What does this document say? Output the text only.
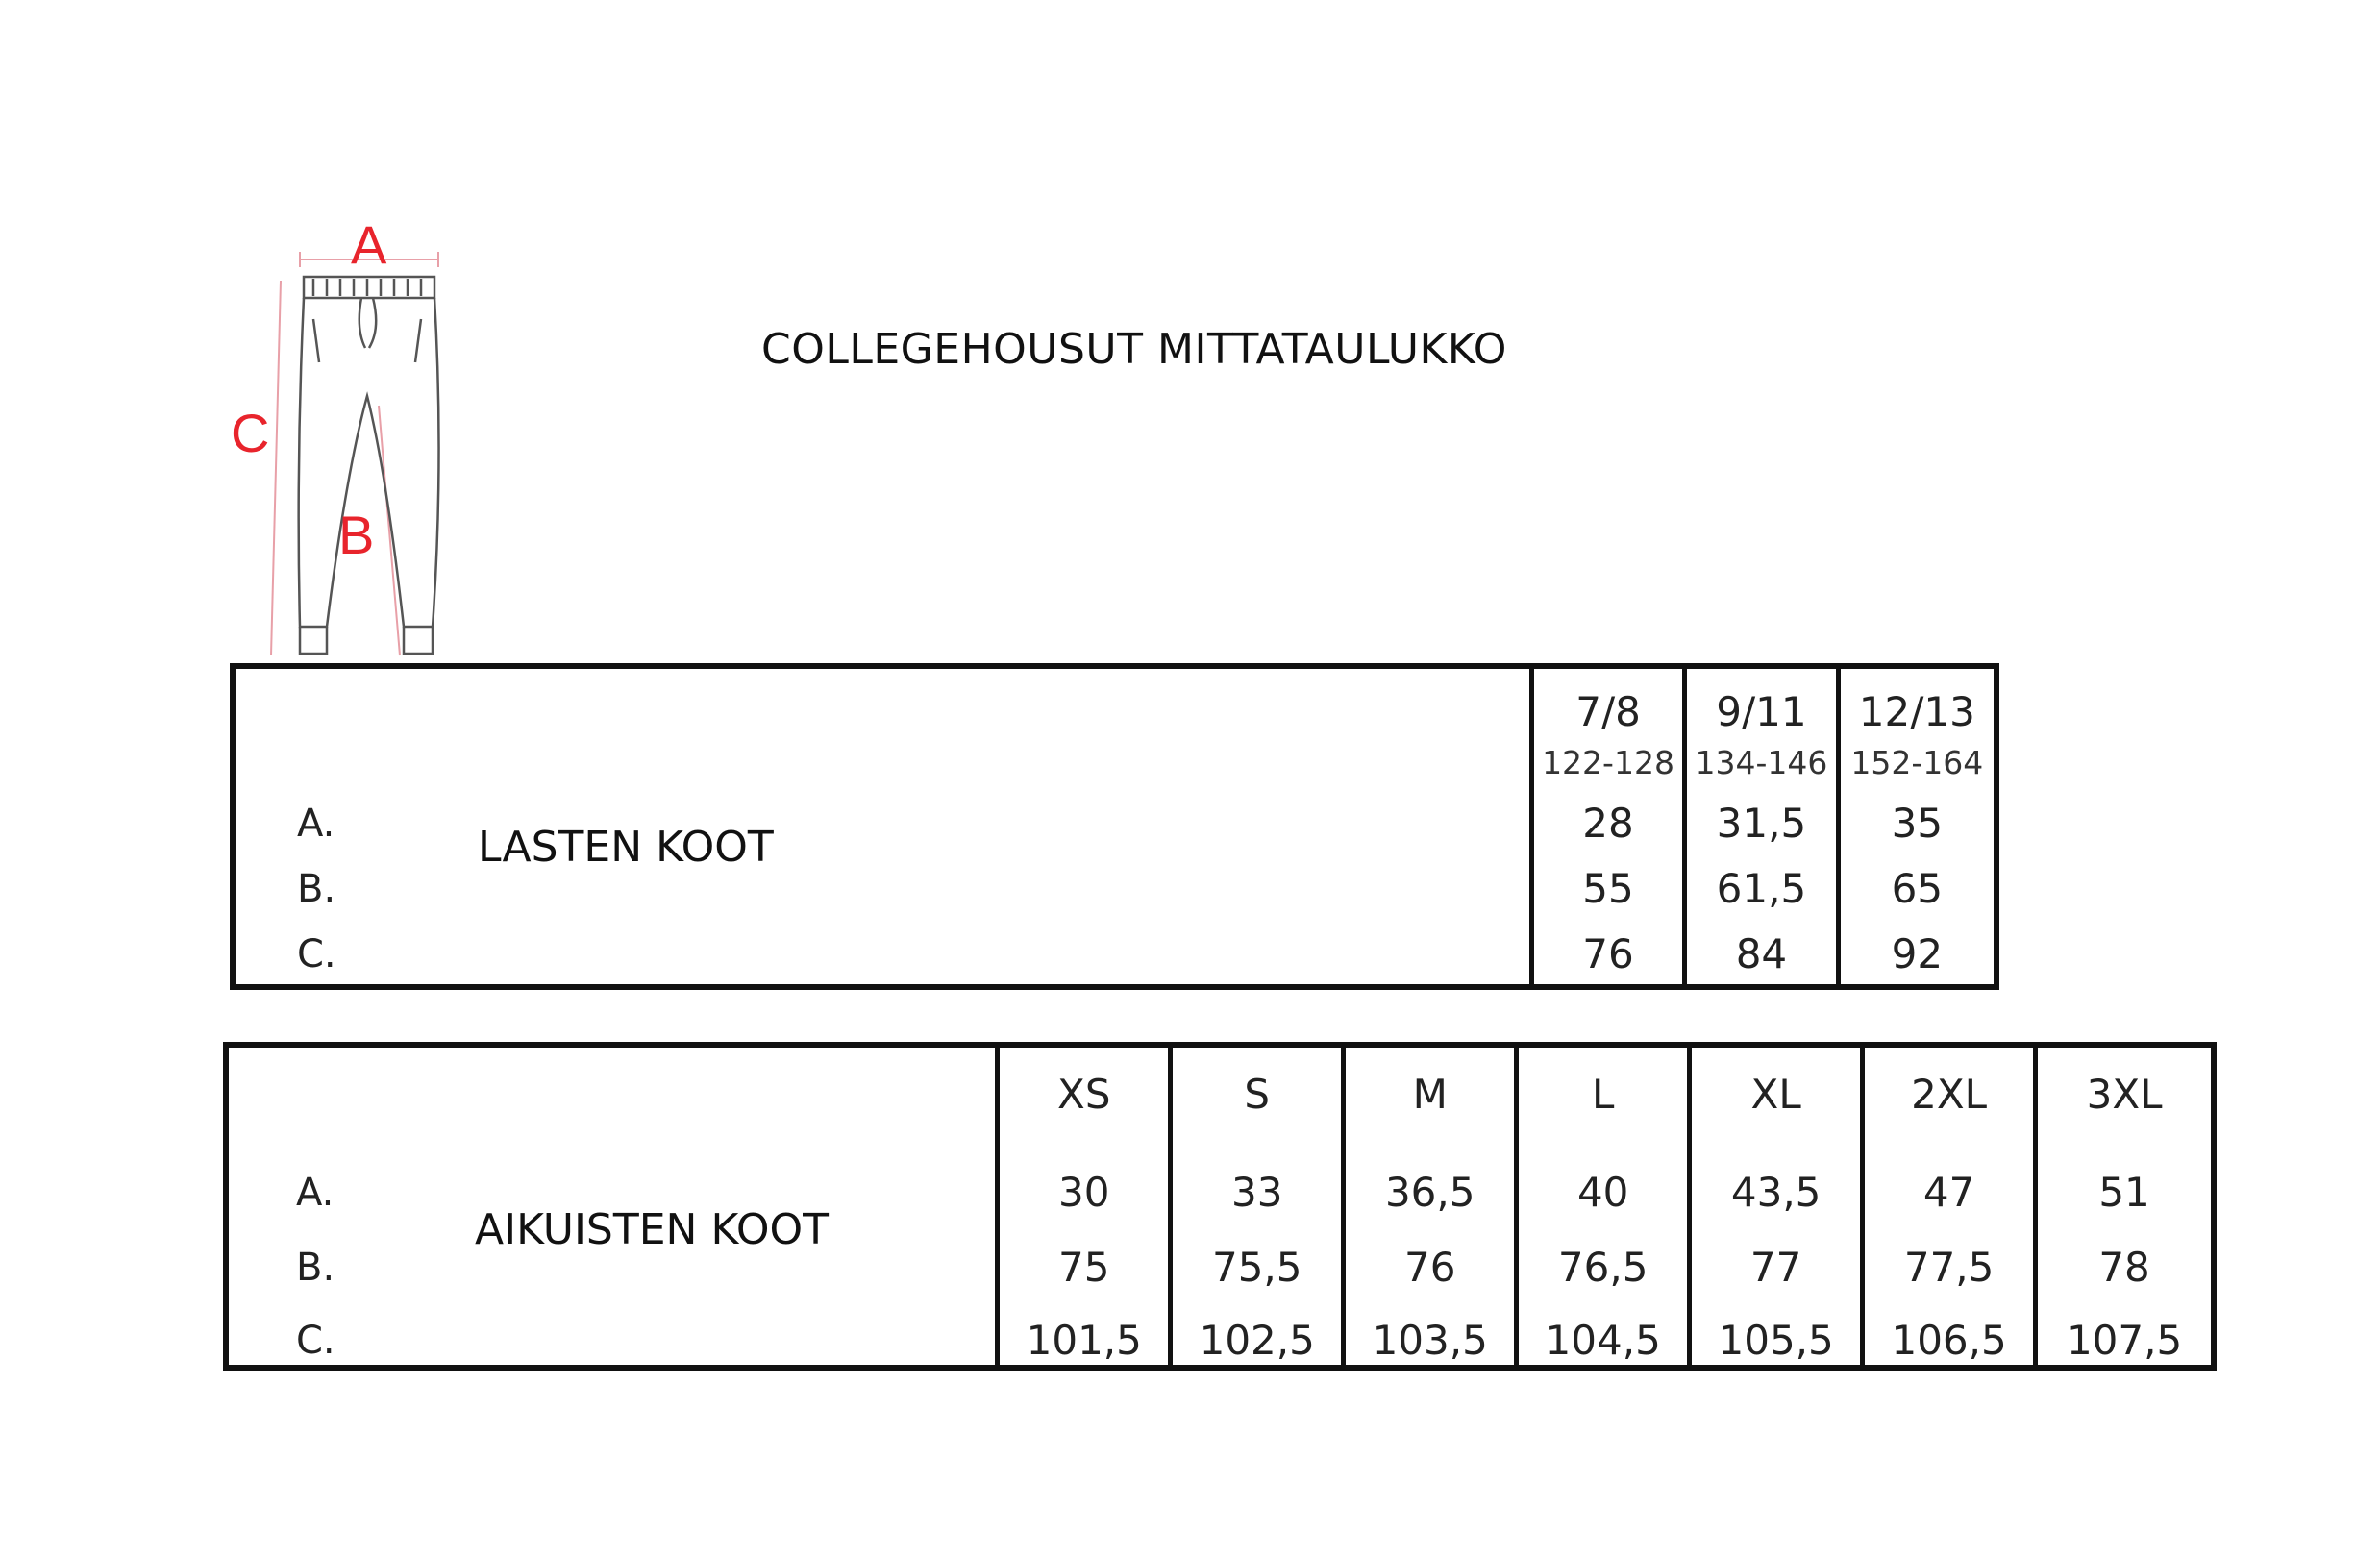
A
C
B
COLLEGEHOUSUT MITTATAULUKKO
A.
B.
C.
LASTEN KOOT
7/8
122-128
28
55
76
9/11
134-146
31,5
61,5
84
12/13
152-164
35
65
92
A.
B.
C.
AIKUISTEN KOOT
XS
30
75
101,5
S
33
75,5
102,5
M
36,5
76
103,5
L
40
76,5
104,5
XL
43,5
77
105,5
2XL
47
77,5
106,5
3XL
51
78
107,5
